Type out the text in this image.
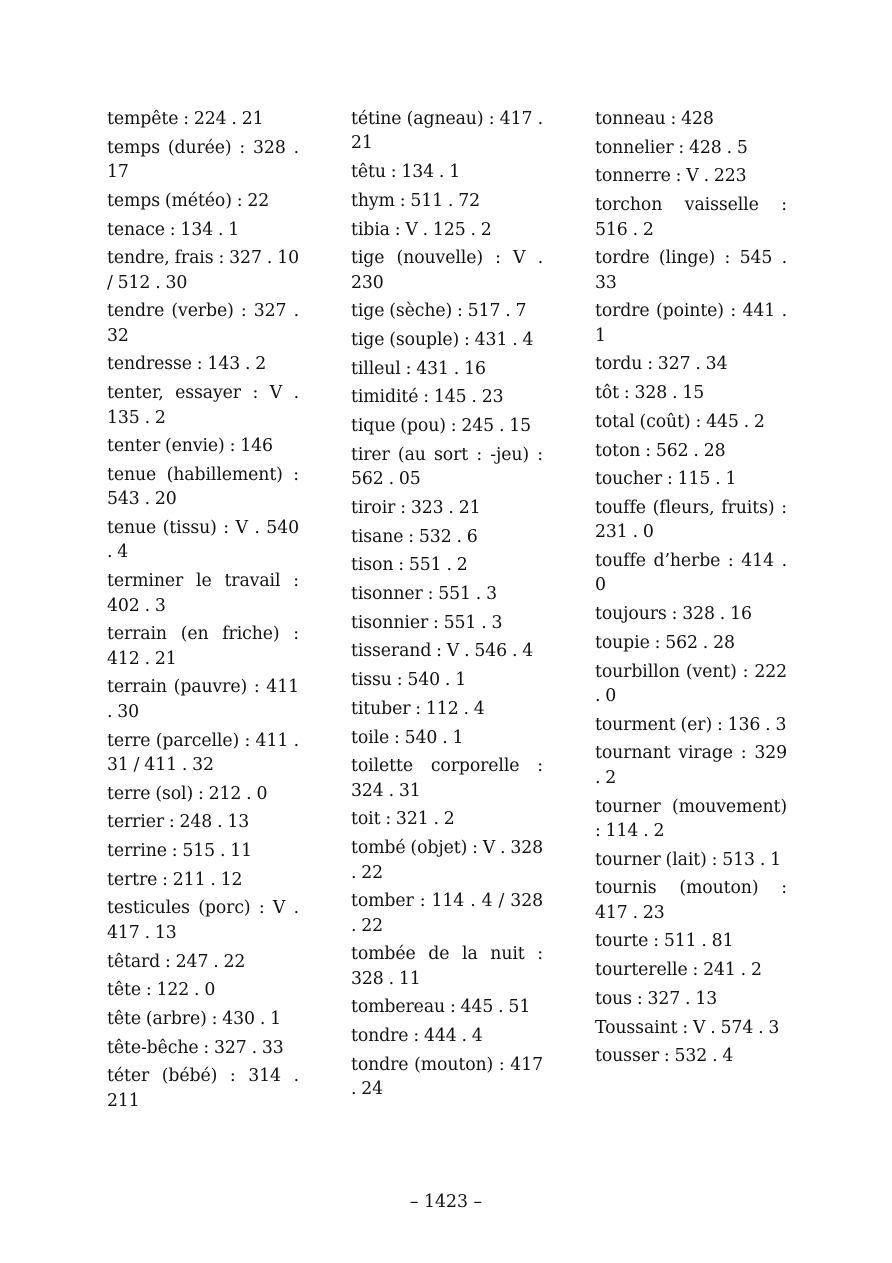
tempête : 224 . 21
temps (durée) : 328 . 17
temps (météo) : 22
tenace : 134 . 1
tendre, frais : 327 . 10 / 512 . 30
tendre (verbe) : 327 . 32
tendresse : 143 . 2
tenter, essayer : V . 135 . 2
tenter (envie) : 146
tenue (habillement) : 543 . 20
tenue (tissu) : V . 540 . 4
terminer le travail : 402 . 3
terrain (en friche) : 412 . 21
terrain (pauvre) : 411 . 30
terre (parcelle) : 411 . 31 / 411 . 32
terre (sol) : 212 . 0
terrier : 248 . 13
terrine : 515 . 11
tertre : 211 . 12
testicules (porc) : V . 417 . 13
têtard : 247 . 22
tête : 122 . 0
tête (arbre) : 430 . 1
tête-bêche : 327 . 33
téter (bébé) : 314 . 211
tétine (agneau) : 417 . 21
têtu : 134 . 1
thym : 511 . 72
tibia : V . 125 . 2
tige (nouvelle) : V . 230
tige (sèche) : 517 . 7
tige (souple) : 431 . 4
tilleul : 431 . 16
timidité : 145 . 23
tique (pou) : 245 . 15
tirer (au sort : -jeu) : 562 . 05
tiroir : 323 . 21
tisane : 532 . 6
tison : 551 . 2
tisonner : 551 . 3
tisonnier : 551 . 3
tisserand : V . 546 . 4
tissu : 540 . 1
tituber : 112 . 4
toile : 540 . 1
toilette corporelle : 324 . 31
toit : 321 . 2
tombé (objet) : V . 328 . 22
tomber : 114 . 4 / 328 . 22
tombée de la nuit : 328 . 11
tombereau : 445 . 51
tondre : 444 . 4
tondre (mouton) : 417 . 24
tonneau : 428
tonnelier : 428 . 5
tonnerre : V . 223
torchon vaisselle : 516 . 2
tordre (linge) : 545 . 33
tordre (pointe) : 441 . 1
tordu : 327 . 34
tôt : 328 . 15
total (coût) : 445 . 2
toton : 562 . 28
toucher : 115 . 1
touffe (fleurs, fruits) : 231 . 0
touffe d’herbe : 414 . 0
toujours : 328 . 16
toupie : 562 . 28
tourbillon (vent) : 222 . 0
tourment (er) : 136 . 3
tournant virage : 329 . 2
tourner (mouvement) : 114 . 2
tourner (lait) : 513 . 1
tournis (mouton) : 417 . 23
tourte : 511 . 81
tourterelle : 241 . 2
tous : 327 . 13
Toussaint : V . 574 . 3
tousser : 532 . 4
– 1423 –
